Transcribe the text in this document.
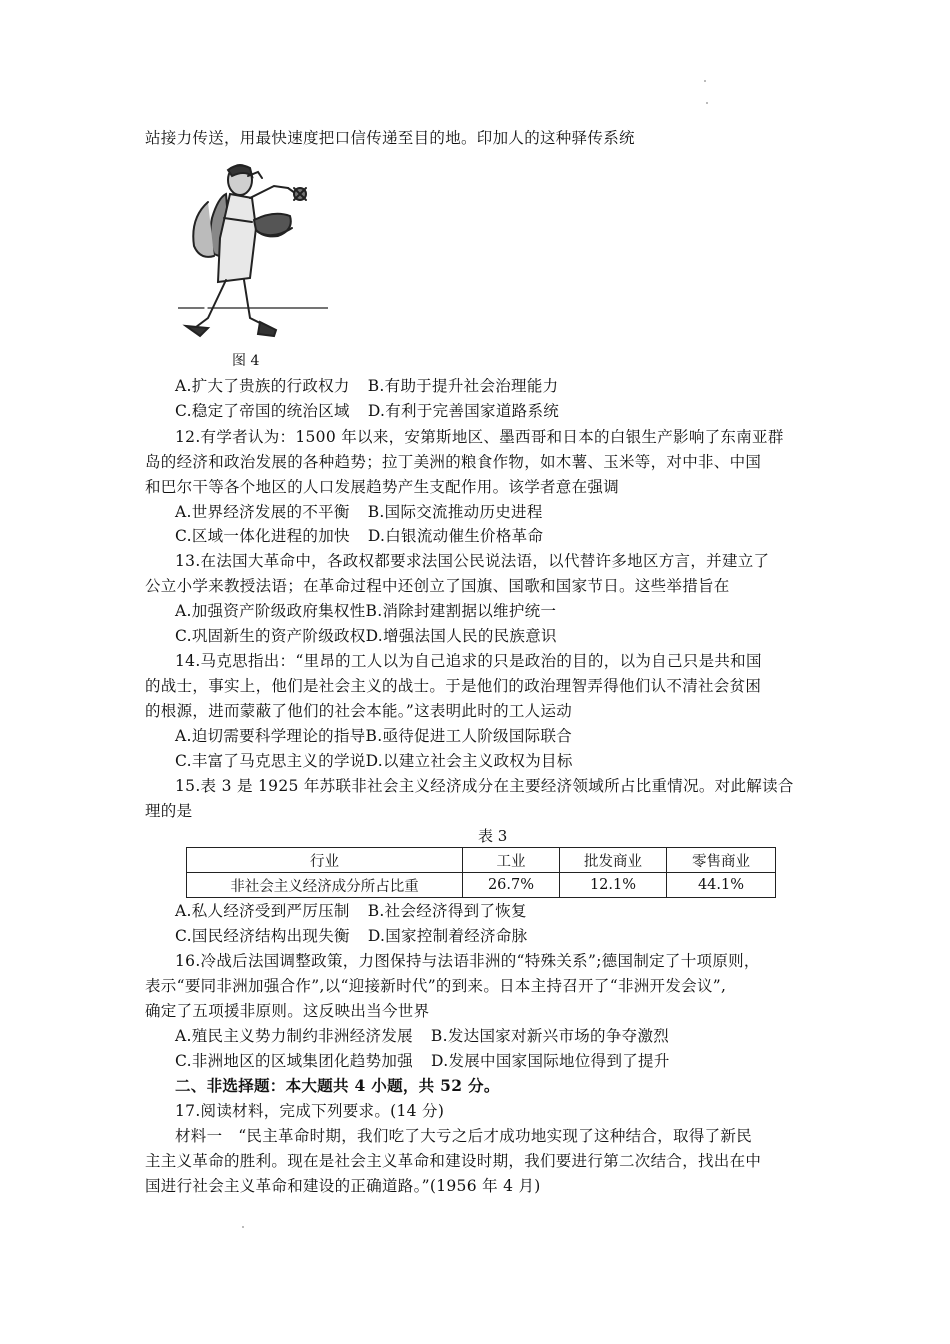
站接力传送，用最快速度把口信传递至目的地。印加人的这种驿传系统
图 4
A.扩大了贵族的行政权力 B.有助于提升社会治理能力
C.稳定了帝国的统治区域 D.有利于完善国家道路系统
12.有学者认为：1500 年以来，安第斯地区、墨西哥和日本的白银生产影响了东南亚群
岛的经济和政治发展的各种趋势；拉丁美洲的粮食作物，如木薯、玉米等，对中非、中国
和巴尔干等各个地区的人口发展趋势产生支配作用。该学者意在强调
A.世界经济发展的不平衡 B.国际交流推动历史进程
C.区域一体化进程的加快 D.白银流动催生价格革命
13.在法国大革命中，各政权都要求法国公民说法语，以代替许多地区方言，并建立了
公立小学来教授法语；在革命过程中还创立了国旗、国歌和国家节日。这些举措旨在
A.加强资产阶级政府集权性B.消除封建割据以维护统一
C.巩固新生的资产阶级政权D.增强法国人民的民族意识
14.马克思指出：“里昂的工人以为自己追求的只是政治的目的，以为自己只是共和国
的战士，事实上，他们是社会主义的战士。于是他们的政治理智弄得他们认不清社会贫困
的根源，进而蒙蔽了他们的社会本能。”这表明此时的工人运动
A.迫切需要科学理论的指导B.亟待促进工人阶级国际联合
C.丰富了马克思主义的学说D.以建立社会主义政权为目标
15.表 3 是 1925 年苏联非社会主义经济成分在主要经济领域所占比重情况。对此解读合
理的是
表 3
行业	工业	批发商业	零售商业
非社会主义经济成分所占比重	26.7%	12.1%	44.1%
A.私人经济受到严厉压制 B.社会经济得到了恢复
C.国民经济结构出现失衡 D.国家控制着经济命脉
16.冷战后法国调整政策，力图保持与法语非洲的“特殊关系”;德国制定了十项原则，
表示“要同非洲加强合作”,以“迎接新时代”的到来。日本主持召开了“非洲开发会议”,
确定了五项援非原则。这反映出当今世界
A.殖民主义势力制约非洲经济发展 B.发达国家对新兴市场的争夺激烈
C.非洲地区的区域集团化趋势加强 D.发展中国家国际地位得到了提升
二、非选择题：本大题共 4 小题，共 52 分。
17.阅读材料，完成下列要求。(14 分)
材料一　“民主革命时期，我们吃了大亏之后才成功地实现了这种结合，取得了新民
主主义革命的胜利。现在是社会主义革命和建设时期，我们要进行第二次结合，找出在中
国进行社会主义革命和建设的正确道路。”(1956 年 4 月)
